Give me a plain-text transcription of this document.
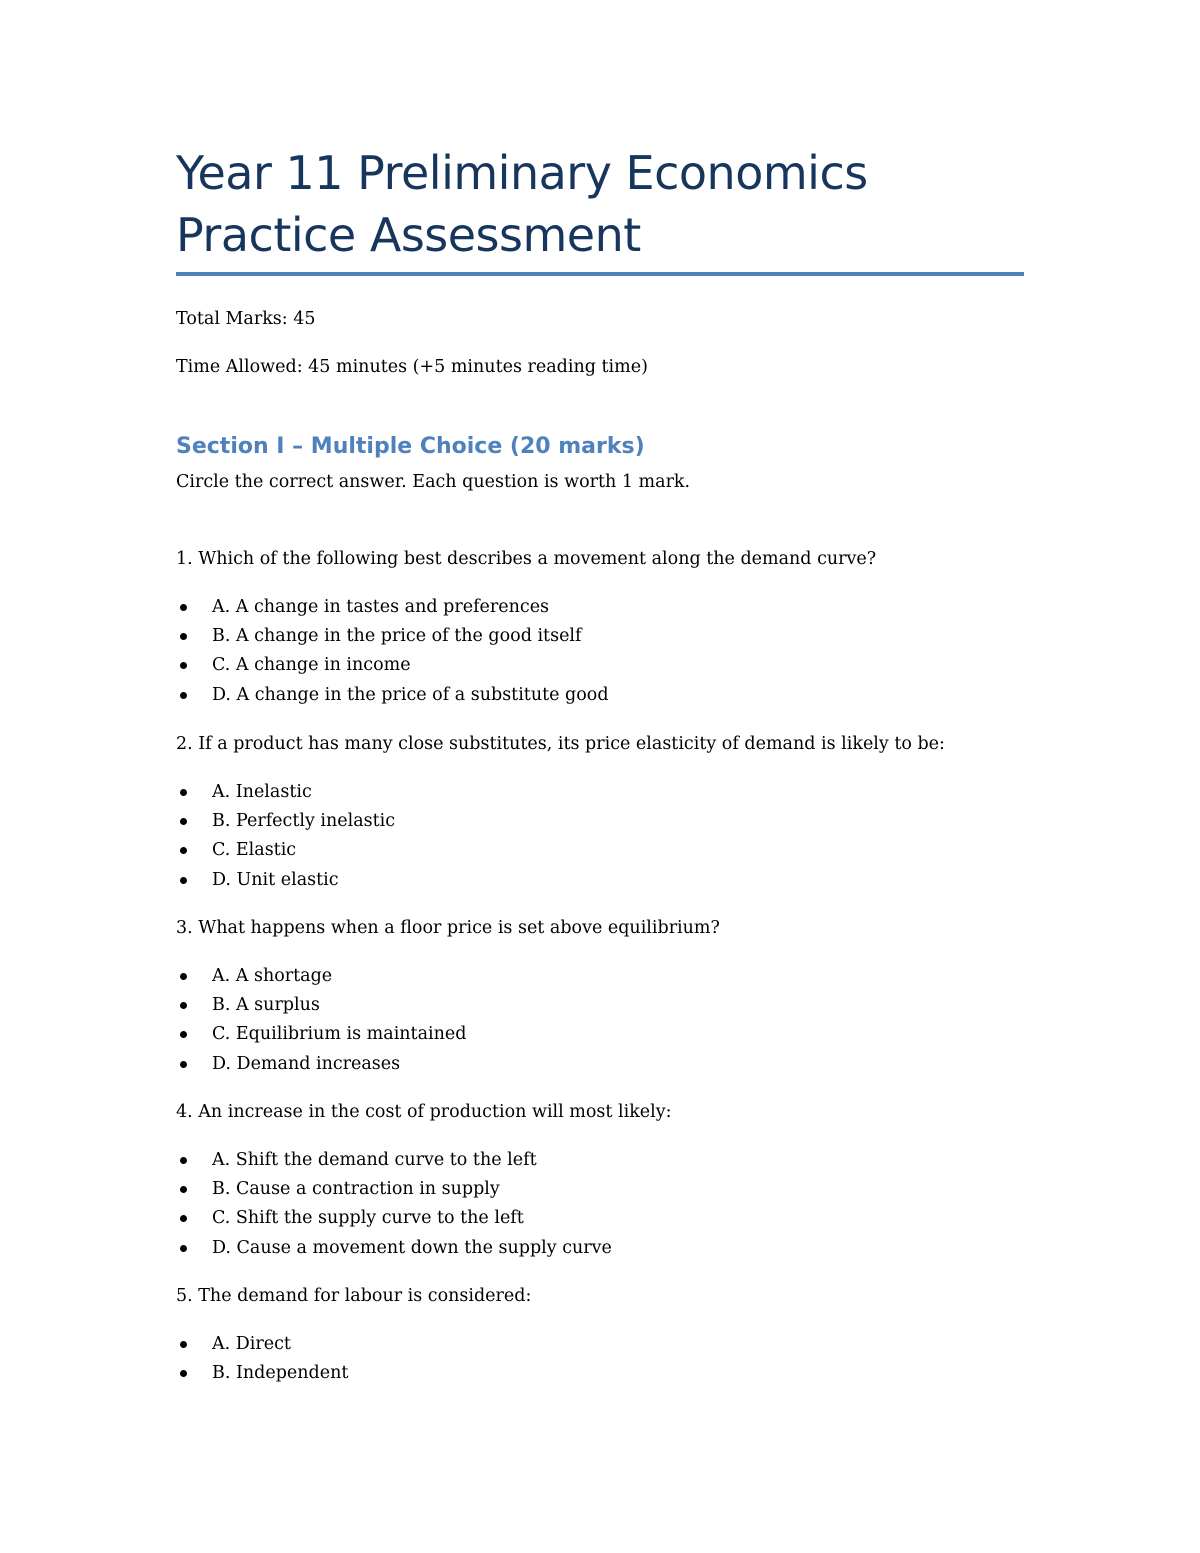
Year 11 Preliminary Economics Practice Assessment

Total Marks: 45

Time Allowed: 45 minutes (+5 minutes reading time)

Section I – Multiple Choice (20 marks)

Circle the correct answer. Each question is worth 1 mark.

1. Which of the following best describes a movement along the demand curve?

A. A change in tastes and preferences
B. A change in the price of the good itself
C. A change in income
D. A change in the price of a substitute good

2. If a product has many close substitutes, its price elasticity of demand is likely to be:

A. Inelastic
B. Perfectly inelastic
C. Elastic
D. Unit elastic

3. What happens when a floor price is set above equilibrium?

A. A shortage
B. A surplus
C. Equilibrium is maintained
D. Demand increases

4. An increase in the cost of production will most likely:

A. Shift the demand curve to the left
B. Cause a contraction in supply
C. Shift the supply curve to the left
D. Cause a movement down the supply curve

5. The demand for labour is considered:

A. Direct
B. Independent
